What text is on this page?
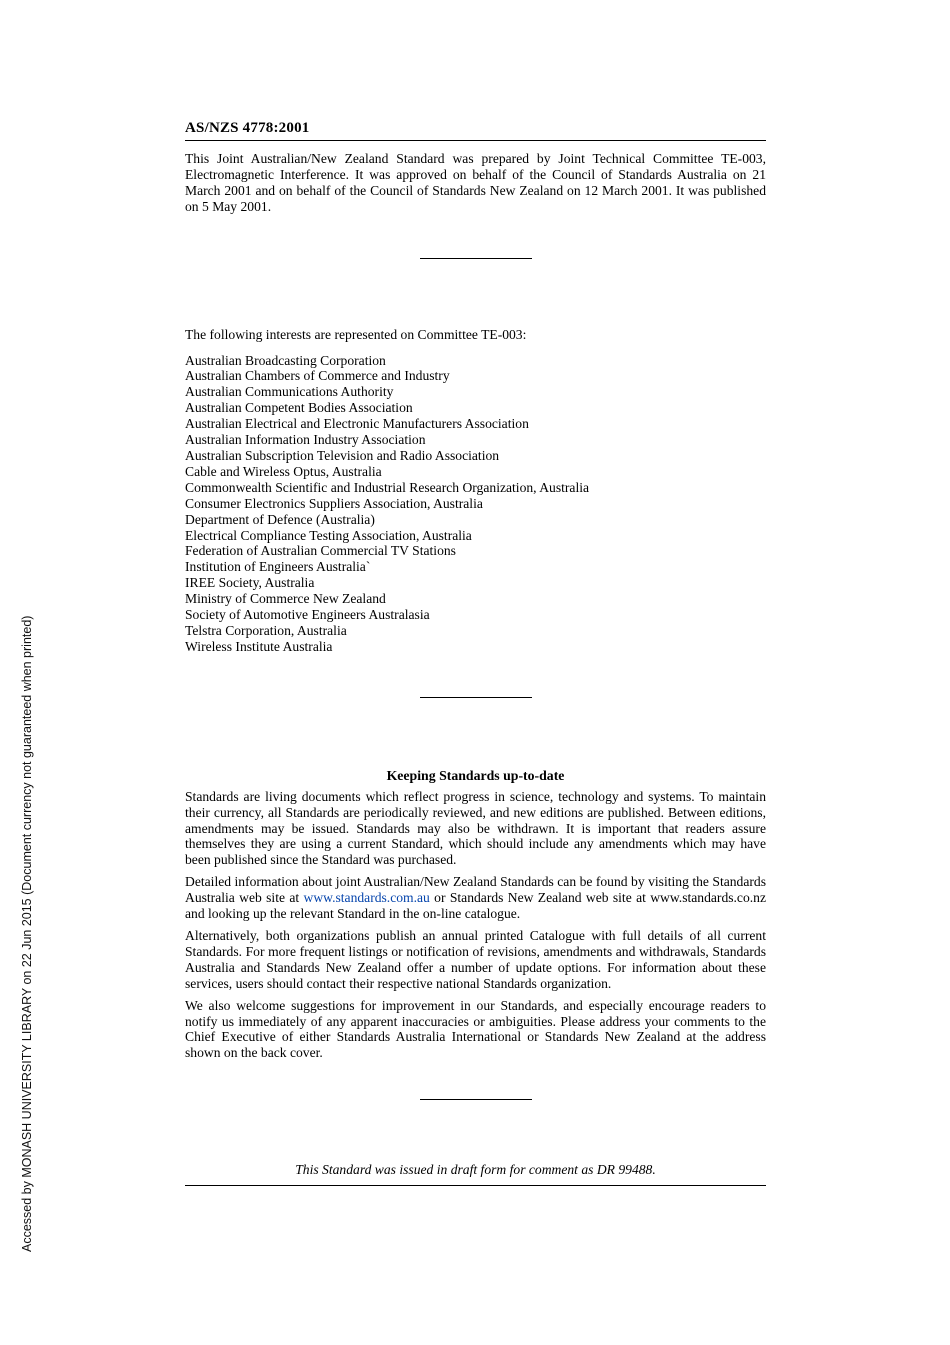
Accessed by MONASH UNIVERSITY LIBRARY on 22 Jun 2015 (Document currency not guaranteed when printed)
AS/NZS 4778:2001

This Joint Australian/New Zealand Standard was prepared by Joint Technical Committee TE-003, Electromagnetic Interference. It was approved on behalf of the Council of Standards Australia on 21 March 2001 and on behalf of the Council of Standards New Zealand on 12 March 2001. It was published on 5 May 2001.

The following interests are represented on Committee TE-003:

Australian Broadcasting Corporation
Australian Chambers of Commerce and Industry
Australian Communications Authority
Australian Competent Bodies Association
Australian Electrical and Electronic Manufacturers Association
Australian Information Industry Association
Australian Subscription Television and Radio Association
Cable and Wireless Optus, Australia
Commonwealth Scientific and Industrial Research Organization, Australia
Consumer Electronics Suppliers Association, Australia
Department of Defence (Australia)
Electrical Compliance Testing Association, Australia
Federation of Australian Commercial TV Stations
Institution of Engineers Australia`
IREE Society, Australia
Ministry of Commerce New Zealand
Society of Automotive Engineers Australasia
Telstra Corporation, Australia
Wireless Institute Australia
Keeping Standards up-to-date

Standards are living documents which reflect progress in science, technology and systems. To maintain their currency, all Standards are periodically reviewed, and new editions are published. Between editions, amendments may be issued. Standards may also be withdrawn. It is important that readers assure themselves they are using a current Standard, which should include any amendments which may have been published since the Standard was purchased.

Detailed information about joint Australian/New Zealand Standards can be found by visiting the Standards Australia web site at www.standards.com.au or Standards New Zealand web site at www.standards.co.nz and looking up the relevant Standard in the on-line catalogue.

Alternatively, both organizations publish an annual printed Catalogue with full details of all current Standards. For more frequent listings or notification of revisions, amendments and withdrawals, Standards Australia and Standards New Zealand offer a number of update options. For information about these services, users should contact their respective national Standards organization.

We also welcome suggestions for improvement in our Standards, and especially encourage readers to notify us immediately of any apparent inaccuracies or ambiguities. Please address your comments to the Chief Executive of either Standards Australia International or Standards New Zealand at the address shown on the back cover.

This Standard was issued in draft form for comment as DR 99488.
